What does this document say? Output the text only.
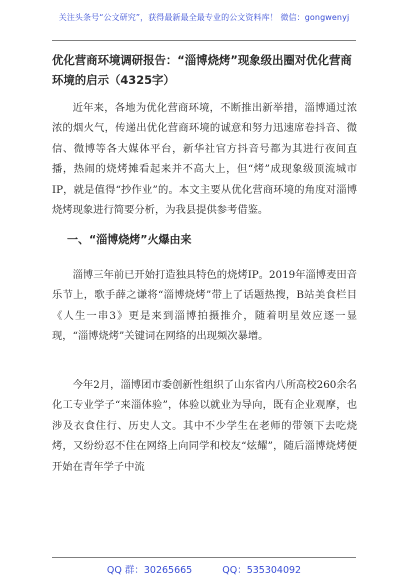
关注头条号“公文研究”，获得最新最全最专业的公文资料库！ 微信：gongwenyj
优化营商环境调研报告：“淄博烧烤”现象级出圈对优化营商环境的启示（4325字）
近年来，各地为优化营商环境，不断推出新举措，淄博通过浓浓的烟火气，传递出优化营商环境的诚意和努力迅速席卷抖音、微信、微博等各大媒体平台，新华社官方抖音号都为其进行夜间直播，热闹的烧烤摊看起来并不高大上，但“烤”成现象级顶流城市IP，就是值得“抄作业”的。本文主要从优化营商环境的角度对淄博烧烤现象进行简要分析，为我县提供参考借鉴。
一、“淄博烧烤”火爆由来
淄博三年前已开始打造独具特色的烧烤IP。2019年淄博麦田音乐节上，歌手薛之谦将“淄博烧烤”带上了话题热搜，B站美食栏目《人生一串3》更是来到淄博拍摄推介，随着明星效应逐一显现，“淄博烧烤”关键词在网络的出现频次暴增。
今年2月，淄博团市委创新性组织了山东省内八所高校260余名化工专业学子“来淄体验”，体验以就业为导向，既有企业观摩，也涉及衣食住行、历史人文。其中不少学生在老师的带领下去吃烧烤，又纷纷忍不住在网络上向同学和校友“炫耀”，随后淄博烧烤便开始在青年学子中流
QQ 群：30265665	QQ：535304092
